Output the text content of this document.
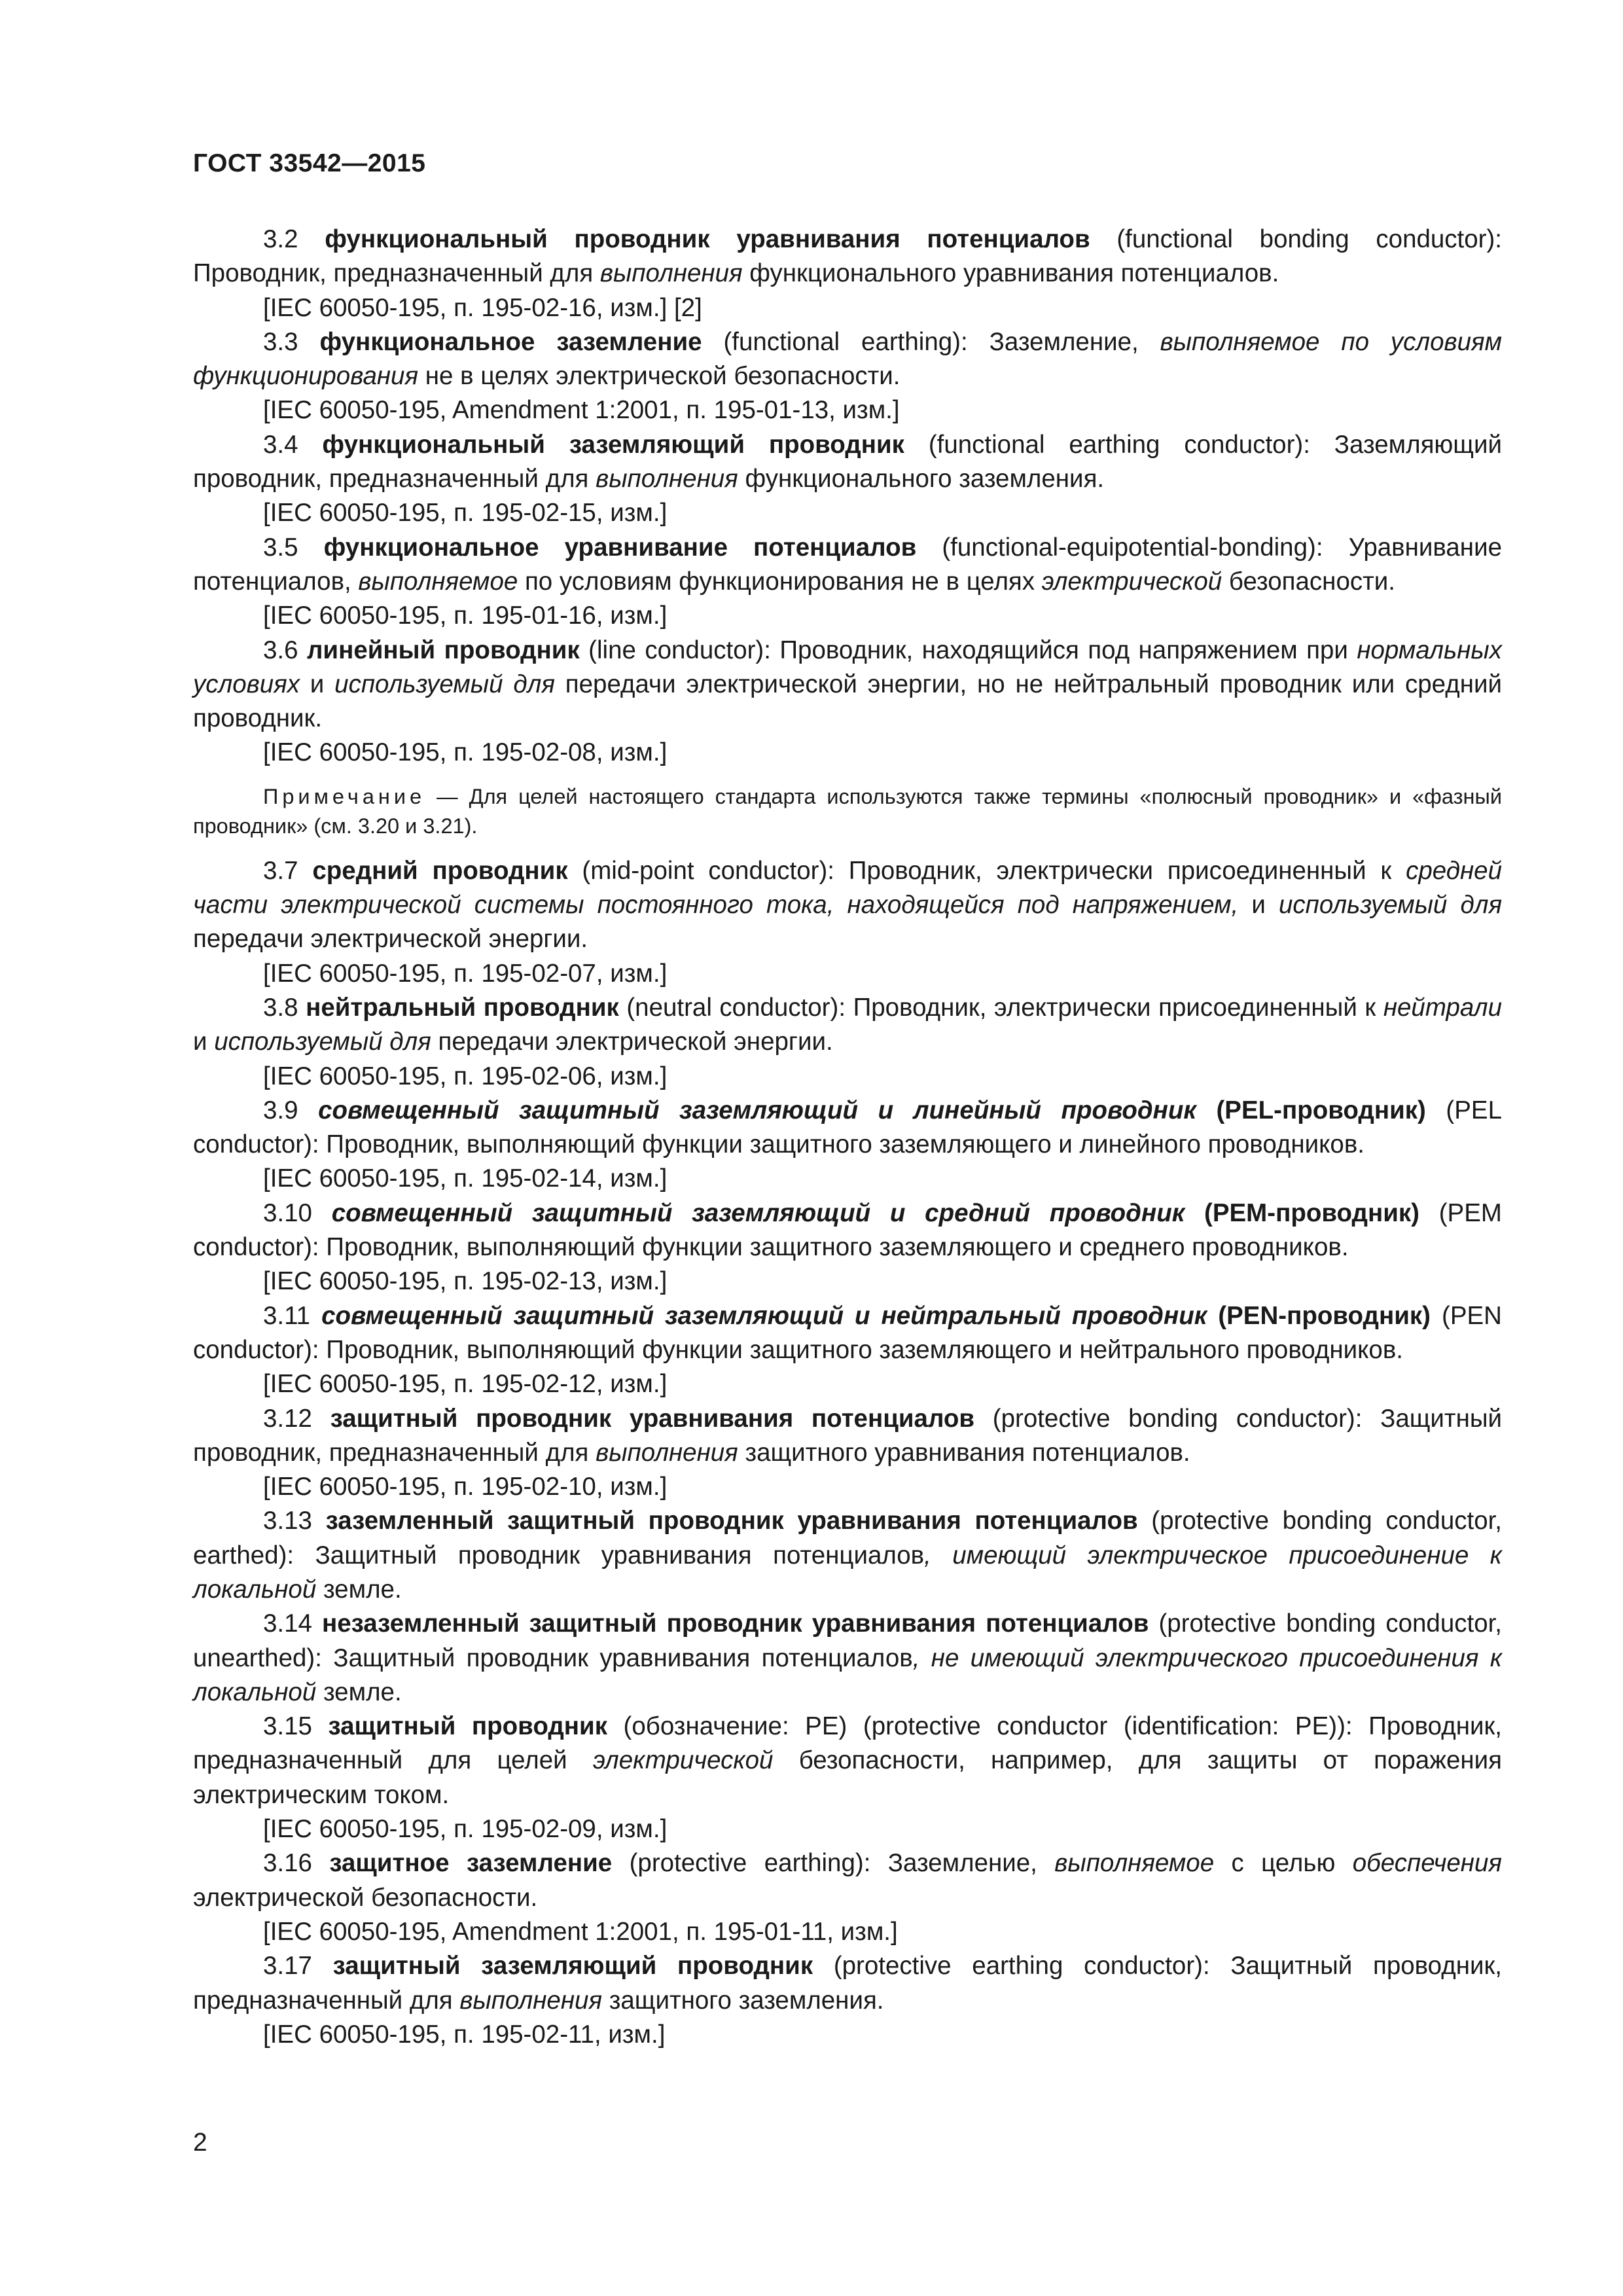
ГОСТ 33542—2015

3.2 функциональный проводник уравнивания потенциалов (functional bonding conductor): Проводник, предназначенный для выполнения функционального уравнивания потенциалов.

[IEC 60050-195, п. 195-02-16, изм.] [2]

3.3 функциональное заземление (functional earthing): Заземление, выполняемое по условиям функционирования не в целях электрической безопасности.

[IEC 60050-195, Amendment 1:2001, п. 195-01-13, изм.]

3.4 функциональный заземляющий проводник (functional earthing conductor): Заземляющий проводник, предназначенный для выполнения функционального заземления.

[IEC 60050-195, п. 195-02-15, изм.]

3.5 функциональное уравнивание потенциалов (functional-equipotential-bonding): Уравнивание потенциалов, выполняемое по условиям функционирования не в целях электрической безопасности.

[IEC 60050-195, п. 195-01-16, изм.]

3.6 линейный проводник (line conductor): Проводник, находящийся под напряжением при нормальных условиях и используемый для передачи электрической энергии, но не нейтральный проводник или средний проводник.

[IEC 60050-195, п. 195-02-08, изм.]

Примечание — Для целей настоящего стандарта используются также термины «полюсный проводник» и «фазный проводник» (см. 3.20 и 3.21).

3.7 средний проводник (mid-point conductor): Проводник, электрически присоединенный к средней части электрической системы постоянного тока, находящейся под напряжением, и используемый для передачи электрической энергии.

[IEC 60050-195, п. 195-02-07, изм.]

3.8 нейтральный проводник (neutral conductor): Проводник, электрически присоединенный к нейтрали и используемый для передачи электрической энергии.

[IEC 60050-195, п. 195-02-06, изм.]

3.9 совмещенный защитный заземляющий и линейный проводник (PEL-проводник) (PEL conductor): Проводник, выполняющий функции защитного заземляющего и линейного проводников.

[IEC 60050-195, п. 195-02-14, изм.]

3.10 совмещенный защитный заземляющий и средний проводник (PEM-проводник) (PEM conductor): Проводник, выполняющий функции защитного заземляющего и среднего проводников.

[IEC 60050-195, п. 195-02-13, изм.]

3.11 совмещенный защитный заземляющий и нейтральный проводник (PEN-проводник) (PEN conductor): Проводник, выполняющий функции защитного заземляющего и нейтрального проводников.

[IEC 60050-195, п. 195-02-12, изм.]

3.12 защитный проводник уравнивания потенциалов (protective bonding conductor): Защитный проводник, предназначенный для выполнения защитного уравнивания потенциалов.

[IEC 60050-195, п. 195-02-10, изм.]

3.13 заземленный защитный проводник уравнивания потенциалов (protective bonding conductor, earthed): Защитный проводник уравнивания потенциалов, имеющий электрическое присоединение к локальной земле.

3.14 незаземленный защитный проводник уравнивания потенциалов (protective bonding conductor, unearthed): Защитный проводник уравнивания потенциалов, не имеющий электрического присоединения к локальной земле.

3.15 защитный проводник (обозначение: PE) (protective conductor (identification: PE)): Проводник, предназначенный для целей электрической безопасности, например, для защиты от поражения электрическим током.

[IEC 60050-195, п. 195-02-09, изм.]

3.16 защитное заземление (protective earthing): Заземление, выполняемое с целью обеспечения электрической безопасности.

[IEC 60050-195, Amendment 1:2001, п. 195-01-11, изм.]

3.17 защитный заземляющий проводник (protective earthing conductor): Защитный проводник, предназначенный для выполнения защитного заземления.

[IEC 60050-195, п. 195-02-11, изм.]

2
